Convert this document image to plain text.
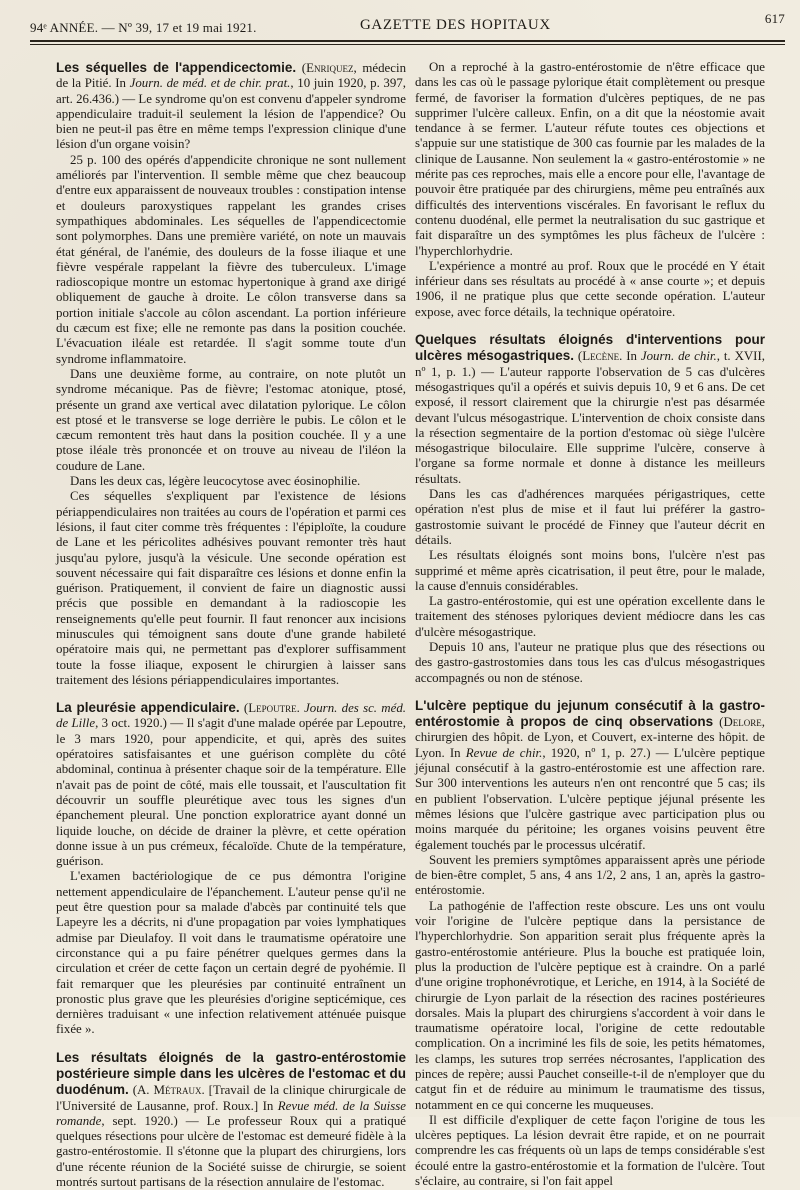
94ᵉ ANNÉE. — Nº 39, 17 et 19 mai 1921.	GAZETTE DES HOPITAUX	617

Les séquelles de l'appendicectomie. (Enriquez, médecin de la Pitié. In Journ. de méd. et de chir. prat., 10 juin 1920, p. 397, art. 26.436.) — Le syndrome qu'on est convenu d'appeler syndrome appendiculaire traduit-il seulement la lésion de l'appendice? Ou bien ne peut-il pas être en même temps l'expression clinique d'une lésion d'un organe voisin?

25 p. 100 des opérés d'appendicite chronique ne sont nullement améliorés par l'intervention. Il semble même que chez beaucoup d'entre eux apparaissent de nouveaux troubles : constipation intense et douleurs paroxystiques rappelant les grandes crises sympathiques abdominales. Les séquelles de l'appendicectomie sont polymorphes. Dans une première variété, on note un mauvais état général, de l'anémie, des douleurs de la fosse iliaque et une fièvre vespérale rappelant la fièvre des tuberculeux. L'image radioscopique montre un estomac hypertonique à grand axe dirigé obliquement de gauche à droite. Le côlon transverse dans sa portion initiale s'accole au côlon ascendant. La portion inférieure du cæcum est fixe; elle ne remonte pas dans la position couchée. L'évacuation iléale est retardée. Il s'agit somme toute d'un syndrome inflammatoire.

Dans une deuxième forme, au contraire, on note plutôt un syndrome mécanique. Pas de fièvre; l'estomac atonique, ptosé, présente un grand axe vertical avec dilatation pylorique. Le côlon est ptosé et le transverse se loge derrière le pubis. Le côlon et le cæcum remontent très haut dans la position couchée. Il y a une ptose iléale très prononcée et on trouve au niveau de l'iléon la coudure de Lane.

Dans les deux cas, légère leucocytose avec éosinophilie.

Ces séquelles s'expliquent par l'existence de lésions périappendiculaires non traitées au cours de l'opération et parmi ces lésions, il faut citer comme très fréquentes : l'épiploïte, la coudure de Lane et les péricolites adhésives pouvant remonter très haut jusqu'au pylore, jusqu'à la vésicule. Une seconde opération est souvent nécessaire qui fait disparaître ces lésions et donne enfin la guérison. Pratiquement, il convient de faire un diagnostic aussi précis que possible en demandant à la radioscopie les renseignements qu'elle peut fournir. Il faut renoncer aux incisions minuscules qui témoignent sans doute d'une grande habileté opératoire mais qui, ne permettant pas d'explorer suffisamment toute la fosse iliaque, exposent le chirurgien à laisser sans traitement des lésions périappendiculaires importantes.

La pleurésie appendiculaire. (Lepoutre. Journ. des sc. méd. de Lille, 3 oct. 1920.) — Il s'agit d'une malade opérée par Lepoutre, le 3 mars 1920, pour appendicite, et qui, après des suites opératoires satisfaisantes et une guérison complète du côté abdominal, continua à présenter chaque soir de la température. Elle n'avait pas de point de côté, mais elle toussait, et l'auscultation fit découvrir un souffle pleurétique avec tous les signes d'un épanchement pleural. Une ponction exploratrice ayant donné un liquide louche, on décide de drainer la plèvre, et cette opération donne issue à un pus crémeux, fécaloïde. Chute de la température, guérison.

L'examen bactériologique de ce pus démontra l'origine nettement appendiculaire de l'épanchement. L'auteur pense qu'il ne peut être question pour sa malade d'abcès par continuité tels que Lapeyre les a décrits, ni d'une propagation par voies lymphatiques admise par Dieulafoy. Il voit dans le traumatisme opératoire une circonstance qui a pu faire pénétrer quelques germes dans la circulation et créer de cette façon un certain degré de pyohémie. Il fait remarquer que les pleurésies par continuité entraînent un pronostic plus grave que les pleurésies d'origine septicémique, ces dernières traduisant « une infection relativement atténuée puisque fixée ».

Les résultats éloignés de la gastro-entérostomie postérieure simple dans les ulcères de l'estomac et du duodénum. (A. Métraux. [Travail de la clinique chirurgicale de l'Université de Lausanne, prof. Roux.] In Revue méd. de la Suisse romande, sept. 1920.) — Le professeur Roux qui a pratiqué quelques résections pour ulcère de l'estomac est demeuré fidèle à la gastro-entérostomie. Il s'étonne que la plupart des chirurgiens, lors d'une récente réunion de la Société suisse de chirurgie, se soient montrés surtout partisans de la résection annulaire de l'estomac.

On a reproché à la gastro-entérostomie de n'être efficace que dans les cas où le passage pylorique était complètement ou presque fermé, de favoriser la formation d'ulcères peptiques, de ne pas supprimer l'ulcère calleux. Enfin, on a dit que la néostomie avait tendance à se fermer. L'auteur réfute toutes ces objections et s'appuie sur une statistique de 300 cas fournie par les malades de la clinique de Lausanne. Non seulement la « gastro-entérostomie » ne mérite pas ces reproches, mais elle a encore pour elle, l'avantage de pouvoir être pratiquée par des chirurgiens, même peu entraînés aux difficultés des interventions viscérales. En favorisant le reflux du contenu duodénal, elle permet la neutralisation du suc gastrique et fait disparaître un des symptômes les plus fâcheux de l'ulcère : l'hyperchlorhydrie.

L'expérience a montré au prof. Roux que le procédé en Y était inférieur dans ses résultats au procédé à « anse courte »; et depuis 1906, il ne pratique plus que cette seconde opération. L'auteur expose, avec force détails, la technique opératoire.

Quelques résultats éloignés d'interventions pour ulcères mésogastriques. (Lecène. In Journ. de chir., t. XVII, nº 1, p. 1.) — L'auteur rapporte l'observation de 5 cas d'ulcères mésogastriques qu'il a opérés et suivis depuis 10, 9 et 6 ans. De cet exposé, il ressort clairement que la chirurgie n'est pas désarmée devant l'ulcus mésogastrique. L'intervention de choix consiste dans la résection segmentaire de la portion d'estomac où siège l'ulcère mésogastrique biloculaire. Elle supprime l'ulcère, conserve à l'organe sa forme normale et donne à distance les meilleurs résultats.

Dans les cas d'adhérences marquées périgastriques, cette opération n'est plus de mise et il faut lui préférer la gastro-gastrostomie suivant le procédé de Finney que l'auteur décrit en détails.

Les résultats éloignés sont moins bons, l'ulcère n'est pas supprimé et même après cicatrisation, il peut être, pour le malade, la cause d'ennuis considérables.

La gastro-entérostomie, qui est une opération excellente dans le traitement des sténoses pyloriques devient médiocre dans les cas d'ulcère mésogastrique.

Depuis 10 ans, l'auteur ne pratique plus que des résections ou des gastro-gastrostomies dans tous les cas d'ulcus mésogastriques accompagnés ou non de sténose.

L'ulcère peptique du jejunum consécutif à la gastro-entérostomie à propos de cinq observations (Delore, chirurgien des hôpit. de Lyon, et Couvert, ex-interne des hôpit. de Lyon. In Revue de chir., 1920, nº 1, p. 27.) — L'ulcère peptique jéjunal consécutif à la gastro-entérostomie est une affection rare. Sur 300 interventions les auteurs n'en ont rencontré que 5 cas; ils en publient l'observation. L'ulcère peptique jéjunal présente les mêmes lésions que l'ulcère gastrique avec participation plus ou moins marquée du péritoine; les organes voisins peuvent être également touchés par le processus ulcératif.

Souvent les premiers symptômes apparaissent après une période de bien-être complet, 5 ans, 4 ans 1/2, 2 ans, 1 an, après la gastro-entérostomie.

La pathogénie de l'affection reste obscure. Les uns ont voulu voir l'origine de l'ulcère peptique dans la persistance de l'hyperchlorhydrie. Son apparition serait plus fréquente après la gastro-entérostomie antérieure. Plus la bouche est pratiquée loin, plus la production de l'ulcère peptique est à craindre. On a parlé d'une origine trophonévrotique, et Leriche, en 1914, à la Société de chirurgie de Lyon parlait de la résection des racines postérieures dorsales. Mais la plupart des chirurgiens s'accordent à voir dans le traumatisme opératoire local, l'origine de cette redoutable complication. On a incriminé les fils de soie, les petits hématomes, les clamps, les sutures trop serrées nécrosantes, l'application des pinces de repère; aussi Pauchet conseille-t-il de n'employer que du catgut fin et de réduire au minimum le traumatisme des tissus, notamment en ce qui concerne les muqueuses.

Il est difficile d'expliquer de cette façon l'origine de tous les ulcères peptiques. La lésion devrait être rapide, et on ne pourrait comprendre les cas fréquents où un laps de temps considérable s'est écoulé entre la gastro-entérostomie et la formation de l'ulcère. Tout s'éclaire, au contraire, si l'on fait appel
